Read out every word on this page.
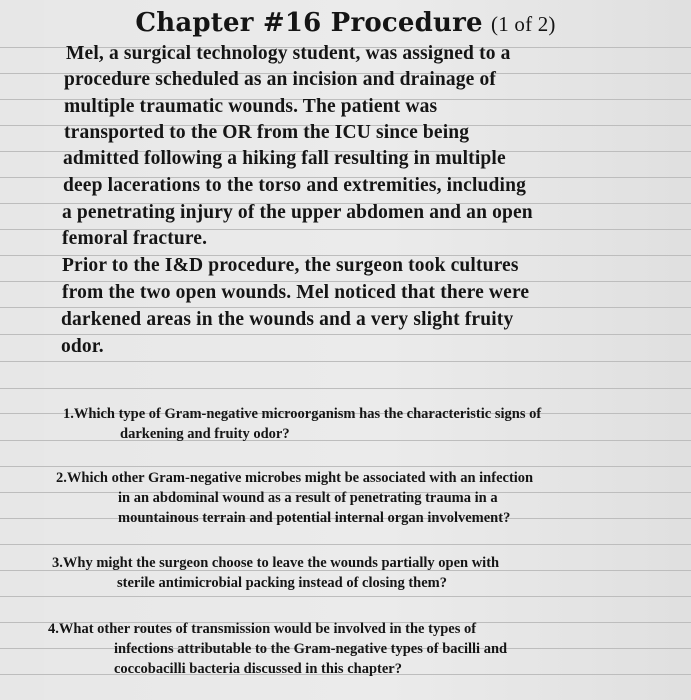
Chapter #16 Procedure (1 of 2)
Mel, a surgical technology student, was assigned to a
procedure scheduled as an incision and drainage of
multiple traumatic wounds. The patient was
transported to the OR from the ICU since being
admitted following a hiking fall resulting in multiple
deep lacerations to the torso and extremities, including
a penetrating injury of the upper abdomen and an open
femoral fracture.
Prior to the I&D procedure, the surgeon took cultures
from the two open wounds. Mel noticed that there were
darkened areas in the wounds and a very slight fruity
odor.
1.Which type of Gram-negative microorganism has the characteristic signs of
darkening and fruity odor?
2.Which other Gram-negative microbes might be associated with an infection
in an abdominal wound as a result of penetrating trauma in a
mountainous terrain and potential internal organ involvement?
3.Why might the surgeon choose to leave the wounds partially open with
sterile antimicrobial packing instead of closing them?
4.What other routes of transmission would be involved in the types of
infections attributable to the Gram-negative types of bacilli and
coccobacilli bacteria discussed in this chapter?
